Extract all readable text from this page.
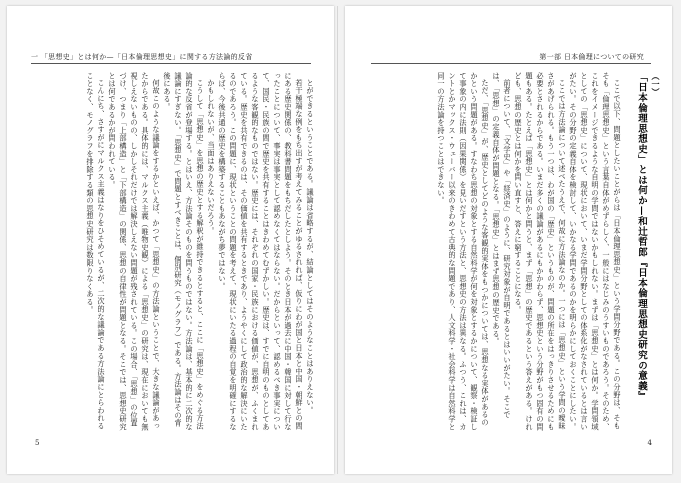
一 「思想史」とは何か—「日本倫理思想史」に関する方法論的反省

とができるということである。議論は省略するが、結論としてはそのようなことはありえない。

若干極端な例をもち出すが考えてみることがゆるされれば、仮りにわが国と日本と中国・朝鮮との間にある歴史関係の、教科書問題をもちだしたとしよう。そのとき日本が過去に中国・韓国に対して行なったことについて、事実は事実として認めなくてはならない。だからといって、認めるべき事実について、国民・民族の間で歴史を共有することはきわめてむずかしい。歴史は、すでに自明のものとしてあるような客観的なものではない。歴史には、それぞれの国家・民族における価値が、思想が、ふくまれている。歴史を共有できるのは、その価値を共有するときであり、ようやくにして政治的な解決にいたるのであろう。この問題に、現状ということの問題を考えて、現状にいたる過程の自覚を明確にするならば、今後共通の歴史を構築することもあながち夢ではない。

かもしれないが、当面はありえないだろう。

こうして「思想史」を思想の歴史とする解釈が維持できるとすると、ここに「思想史」をめぐる方法論的な反省が登場する。とはいえ、方法論そのものを問うものではない。方法論は、基本的に二次的な議論にすぎない。「思想史」で問題とすべきことは、個別研究（モノグラフ）である。方法論はその背後にある。

何故このような議論をするかといえば、かつて「思想史」の方法論ということで、大きな議論があったからである。具体的には、マルクス主義（唯物史観）による「思想史」の研究は、現在においても無視しえないものの、しかしそれだけでは解決しえない問題が残されている。この場合、「思想」の位置づけ、つまり「上部構造」と「下部構造」の関係、思想の自律性が問題となる。そこでは、思想史研究とは何であるかが問われている。

こんにち、さすがにマルクス主義はなりをひそめているが、二次的な議論である方法論にとらわれることなく、モノグラフを排除する類の思想史研究は数限りなくある。

5
第一部 日本倫理についての研究
（一）
「日本倫理思想史」とは何か—和辻哲郎『日本倫理思想史研究の意義』

ここで以下、問題としたいことがらは「日本倫理思想史」という学問分野である。この分野は、そもそも「倫理思想史」という言葉自体がめずらしく、一般にはなじみのうすいものであろう。そのため、これをイメージできるような自明の学問ではないかもしれない。まずは「思想史」とは何か。学問領域としての「思想史」について、現状において、いまだ学問分野としての体系化がなされているとは言いがたい。その分野の定義自体を検討して、いかなる学問であるのかを明らかにしておくことにしたい。

ここでは方法論について述べたうえで、何故に方法論なのか。一つには「思想史」という学問の曖昧さがあげられる。もう一つは、わが国の「歴史」というものが、問題の所在をはっきりさせるためにも必要とされるからである。いまだ多くの議論があるにもかかわらず、思想史という分野がもつ固有の問題もある。たとえば「思想史」とは何かと問うと、まず「思想」の歴史であるという答えがある。けれども、思想の歴史とは何かを問い直すと、答えに窮することになる。

前者について、「文学史」や「経済史」のように、研究対象が自明であるとはいいがたい。そこでは、「思想」の定義自体が問題となる。「思想史」とはまず思想の歴史である。

ただ、「思想史」が、歴史としてどのような客観的実体をもつかについては、思想なる実体があるのかという問題がある。すなわち思想の対象とする自然科学が何を対象とするかについて、観察・検証して事象の内に法則（因果関係）を見いだすという方法と、思想史の方法は異なる。ふつう、これは、カントとかマックス・ウェーバー以来のきわめて古典的な問題であり、人文科学・社会科学は自然科学と同一の方法論を持つことはできない。

4
